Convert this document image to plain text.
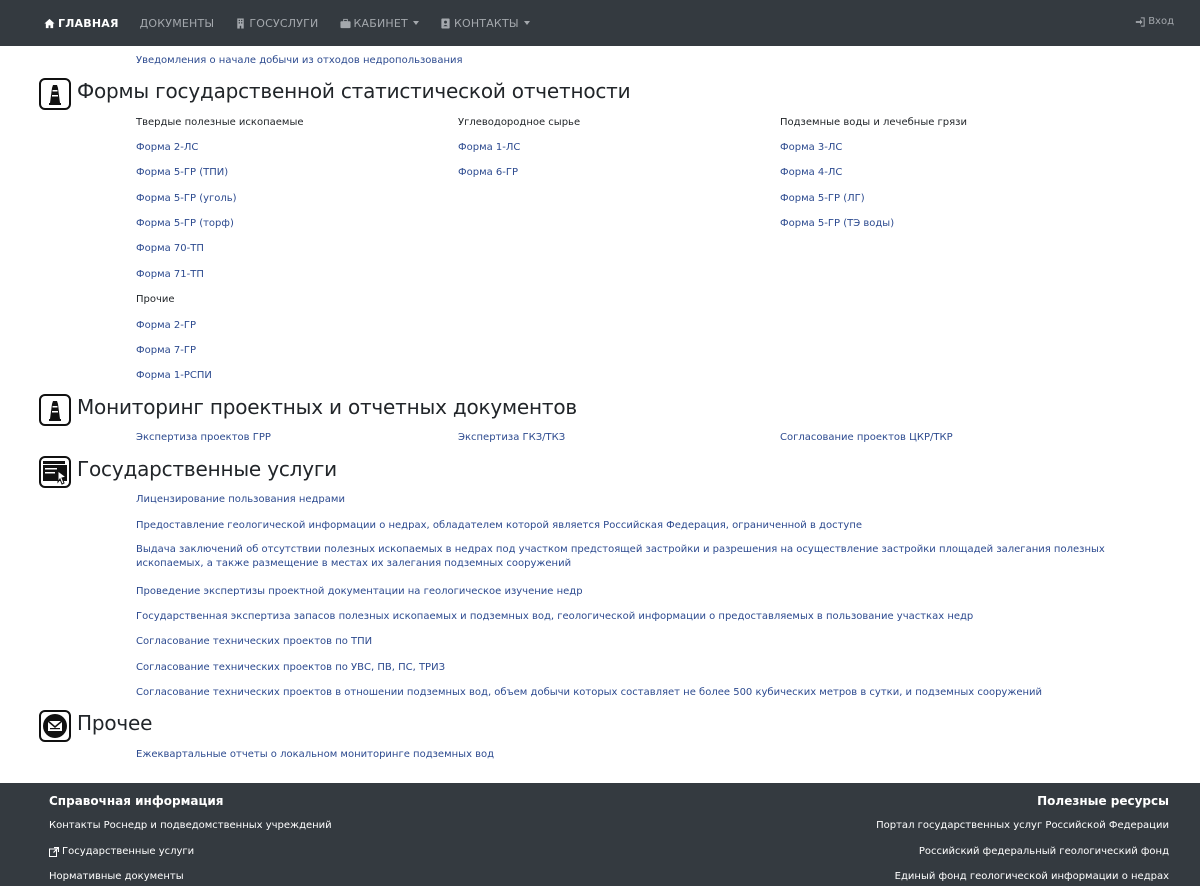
ГЛАВНАЯ ДОКУМЕНТЫ	ГОСУСЛУГИ	КАБИНЕТ	КОНТАКТЫ	Вход
Уведомления о начале добычи из отходов недропользования
Формы государственной статистической отчетности
Твердые полезные ископаемые
Форма 2-ЛС
Форма 5-ГР (ТПИ)
Форма 5-ГР (уголь)
Форма 5-ГР (торф)
Форма 70-ТП
Форма 71-ТП
Прочие
Форма 2-ГР
Форма 7-ГР
Форма 1-РСПИ
Углеводородное сырье
Форма 1-ЛС
Форма 6-ГР
Подземные воды и лечебные грязи
Форма 3-ЛС
Форма 4-ЛС
Форма 5-ГР (ЛГ)
Форма 5-ГР (ТЭ воды)
Мониторинг проектных и отчетных документов
Экспертиза проектов ГРР	Экспертиза ГКЗ/ТКЗ	Согласование проектов ЦКР/ТКР
Государственные услуги
Лицензирование пользования недрами
Предоставление геологической информации о недрах, обладателем которой является Российская Федерация, ограниченной в доступе
Выдача заключений об отсутствии полезных ископаемых в недрах под участком предстоящей застройки и разрешения на осуществление застройки площадей залегания полезных ископаемых, а также размещение в местах их залегания подземных сооружений
Проведение экспертизы проектной документации на геологическое изучение недр
Государственная экспертиза запасов полезных ископаемых и подземных вод, геологической информации о предоставляемых в пользование участках недр
Согласование технических проектов по ТПИ
Согласование технических проектов по УВС, ПВ, ПС, ТРИЗ
Согласование технических проектов в отношении подземных вод, объем добычи которых составляет не более 500 кубических метров в сутки, и подземных сооружений
Прочее
Ежеквартальные отчеты о локальном мониторинге подземных вод
Справочная информация
Контакты Роснедр и подведомственных учреждений
Государственные услуги
Нормативные документы
Полезные ресурсы
Портал государственных услуг Российской Федерации
Российский федеральный геологический фонд
Единый фонд геологической информации о недрах
